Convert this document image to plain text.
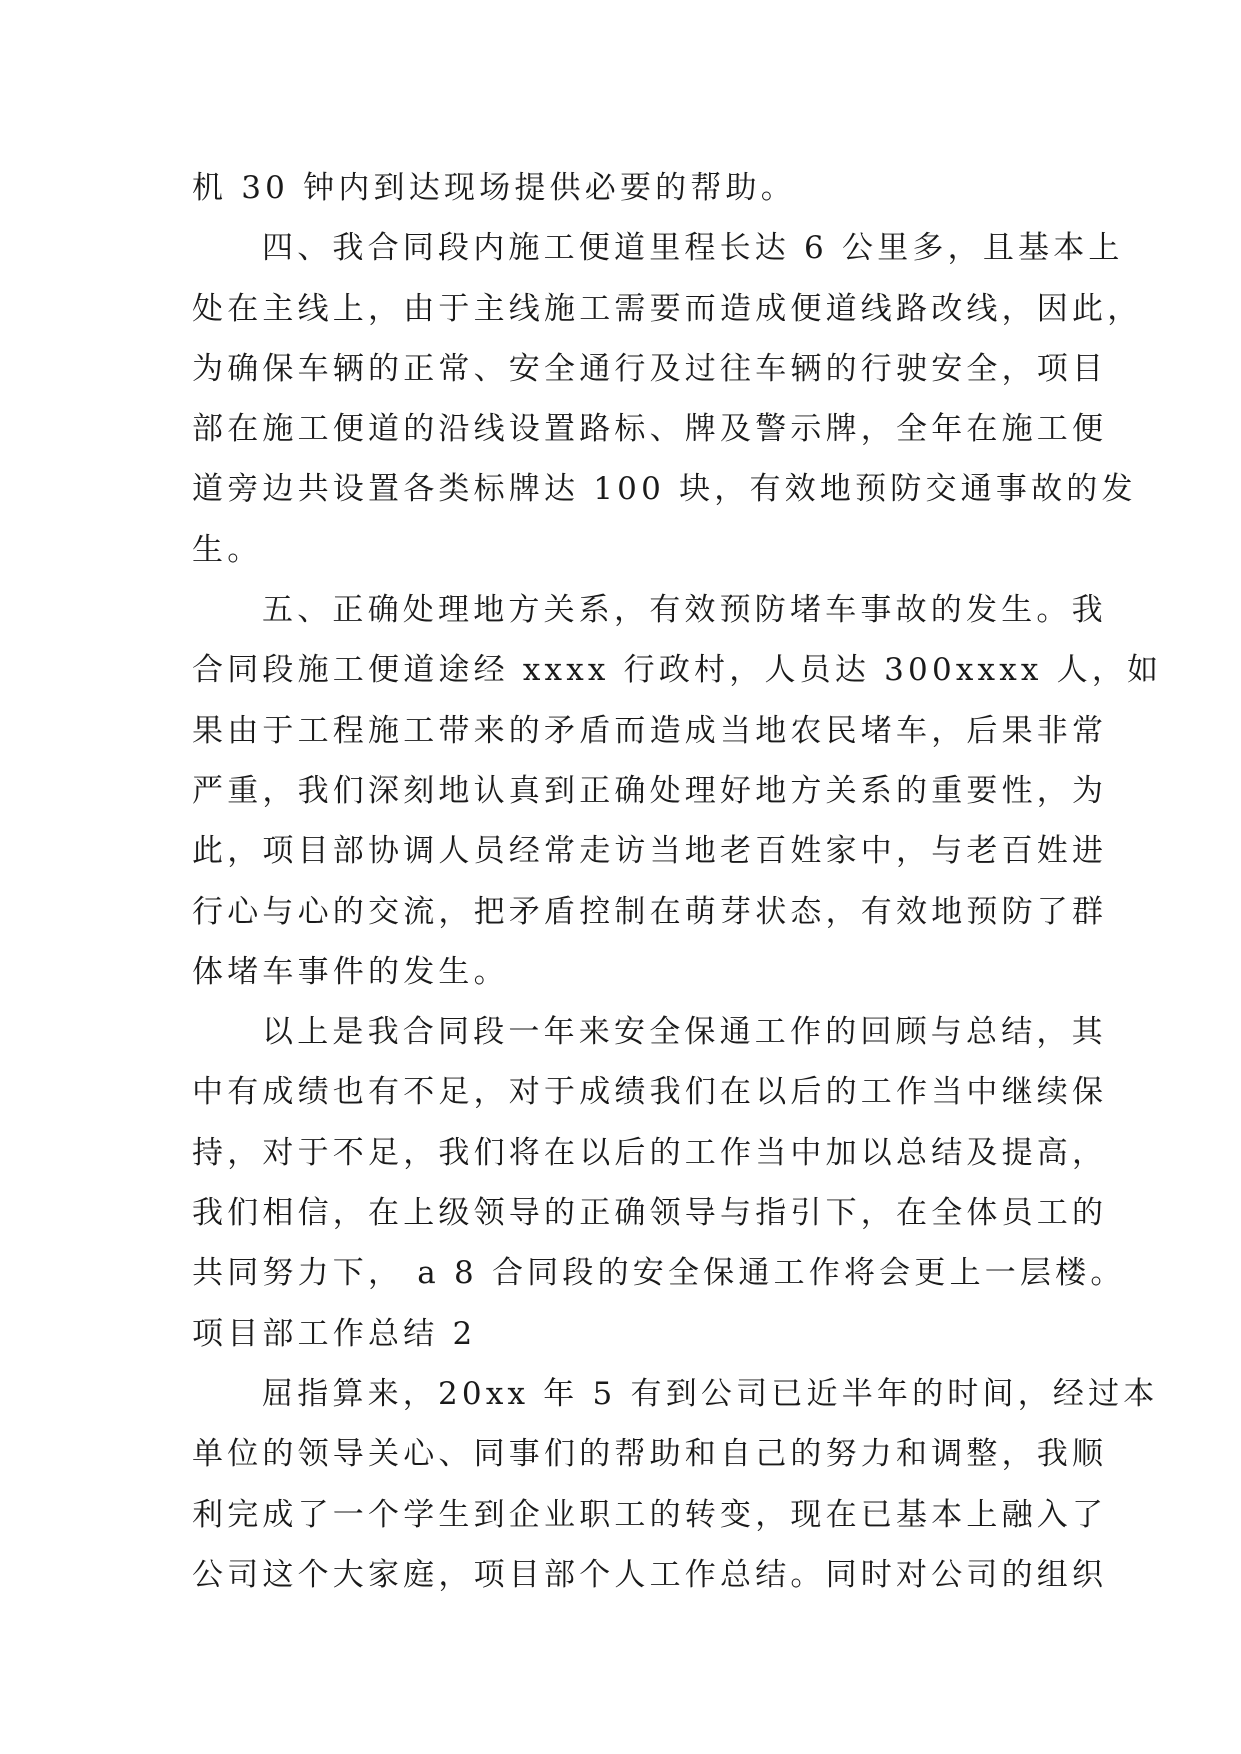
机 30 钟内到达现场提供必要的帮助。
四、我合同段内施工便道里程长达 6 公里多，且基本上
处在主线上，由于主线施工需要而造成便道线路改线，因此，
为确保车辆的正常、安全通行及过往车辆的行驶安全，项目
部在施工便道的沿线设置路标、牌及警示牌，全年在施工便
道旁边共设置各类标牌达 100 块，有效地预防交通事故的发
生。
五、正确处理地方关系，有效预防堵车事故的发生。我
合同段施工便道途经 xxxx 行政村，人员达 300xxxx 人，如
果由于工程施工带来的矛盾而造成当地农民堵车，后果非常
严重，我们深刻地认真到正确处理好地方关系的重要性，为
此，项目部协调人员经常走访当地老百姓家中，与老百姓进
行心与心的交流，把矛盾控制在萌芽状态，有效地预防了群
体堵车事件的发生。
以上是我合同段一年来安全保通工作的回顾与总结，其
中有成绩也有不足，对于成绩我们在以后的工作当中继续保
持，对于不足，我们将在以后的工作当中加以总结及提高，
我们相信，在上级领导的正确领导与指引下，在全体员工的
共同努力下， a 8 合同段的安全保通工作将会更上一层楼。
项目部工作总结 2
屈指算来，20xx 年 5 有到公司已近半年的时间，经过本
单位的领导关心、同事们的帮助和自己的努力和调整，我顺
利完成了一个学生到企业职工的转变，现在已基本上融入了
公司这个大家庭，项目部个人工作总结。同时对公司的组织
